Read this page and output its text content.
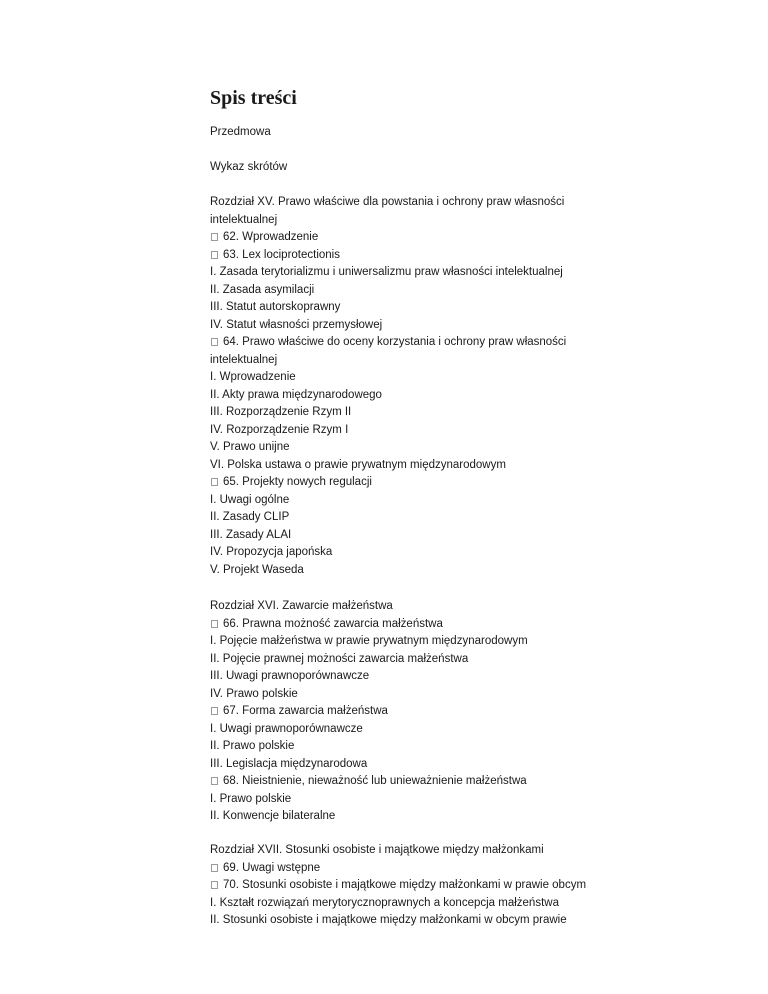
Spis treści
Przedmowa
Wykaz skrótów
Rozdział XV. Prawo właściwe dla powstania i ochrony praw własności intelektualnej
62. Wprowadzenie
63. Lex lociprotectionis
I. Zasada terytorializmu i uniwersalizmu praw własności intelektualnej
II. Zasada asymilacji
III. Statut autorskoprawny
IV. Statut własności przemysłowej
64. Prawo właściwe do oceny korzystania i ochrony praw własności intelektualnej
I. Wprowadzenie
II. Akty prawa międzynarodowego
III. Rozporządzenie Rzym II
IV. Rozporządzenie Rzym I
V. Prawo unijne
VI. Polska ustawa o prawie prywatnym międzynarodowym
65. Projekty nowych regulacji
I. Uwagi ogólne
II. Zasady CLIP
III. Zasady ALAI
IV. Propozycja japońska
V. Projekt Waseda
Rozdział XVI. Zawarcie małżeństwa
66. Prawna możność zawarcia małżeństwa
I. Pojęcie małżeństwa w prawie prywatnym międzynarodowym
II. Pojęcie prawnej możności zawarcia małżeństwa
III. Uwagi prawnoporównawcze
IV. Prawo polskie
67. Forma zawarcia małżeństwa
I. Uwagi prawnoporównawcze
II. Prawo polskie
III. Legislacja międzynarodowa
68. Nieistnienie, nieważność lub unieważnienie małżeństwa
I. Prawo polskie
II. Konwencje bilateralne
Rozdział XVII. Stosunki osobiste i majątkowe między małżonkami
69. Uwagi wstępne
70. Stosunki osobiste i majątkowe między małżonkami w prawie obcym
I. Kształt rozwiązań merytorycznoprawnych a koncepcja małżeństwa
II. Stosunki osobiste i majątkowe między małżonkami w obcym prawie
